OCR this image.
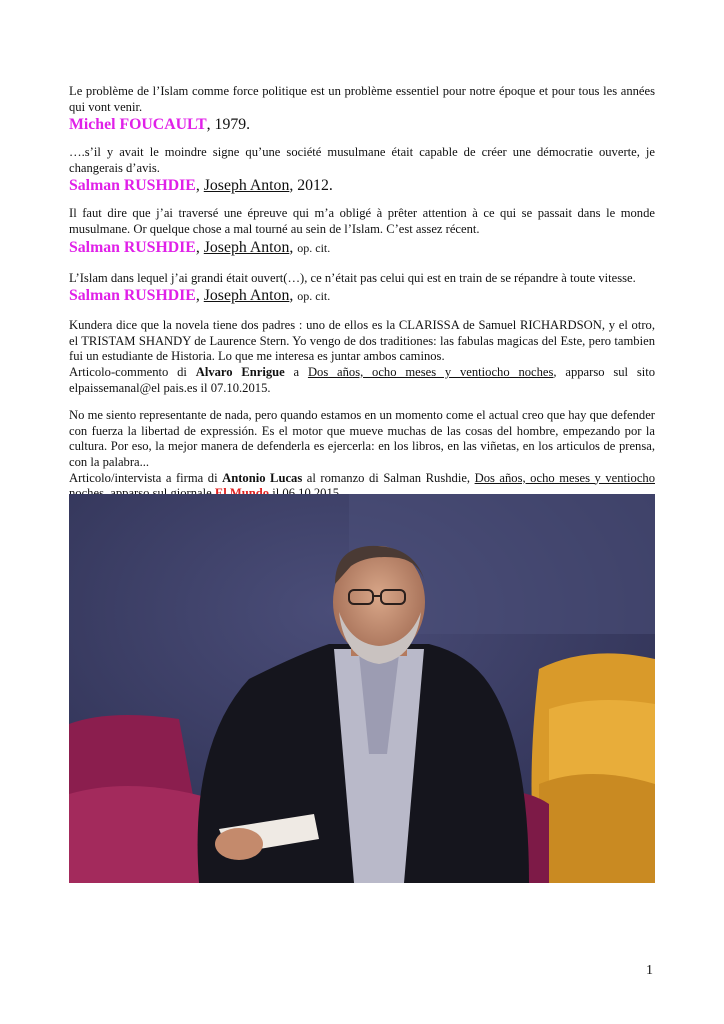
Le problème de l’Islam comme force politique est un problème essentiel pour notre époque et pour tous les années qui vont venir.

Michel FOUCAULT, 1979.

….s’il y avait le moindre signe qu’une société musulmane était capable de créer une démocratie ouverte, je changerais d’avis.

Salman RUSHDIE, Joseph Anton, 2012.

Il faut dire que j’ai traversé une épreuve qui m’a obligé à prêter attention à ce qui se passait dans le monde musulmane. Or quelque chose a mal tourné au sein de l’Islam. C’est assez récent.

Salman RUSHDIE, Joseph Anton, op. cit.

L’Islam dans lequel j’ai grandi était ouvert(…), ce n’était pas celui qui est en train de se répandre à toute vitesse.

Salman RUSHDIE, Joseph Anton, op. cit.

Kundera dice que la novela tiene dos padres : uno de ellos es la CLARISSA de Samuel RICHARDSON, y el otro, el TRISTAM SHANDY de Laurence Stern. Yo vengo de dos traditiones: las fabulas magicas del Este, pero tambien fui un estudiante de Historia. Lo que me interesa es juntar ambos caminos.

Articolo-commento di Alvaro Enrigue a Dos años, ocho meses y ventiocho noches, apparso sul sito elpaissemanal@el pais.es il 07.10.2015.

No me siento representante de nada, pero quando estamos en un momento come el actual creo que hay que defender con fuerza la libertad de expressión. Es el motor que mueve muchas de las cosas del hombre, empezando por la cultura. Por eso, la mejor manera de defenderla es ejercerla: en los libros, en las viñetas, en los articulos de prensa, con la palabra...

Articolo/intervista a firma di Antonio Lucas al romanzo di Salman Rushdie, Dos años, ocho meses y ventiocho

1
